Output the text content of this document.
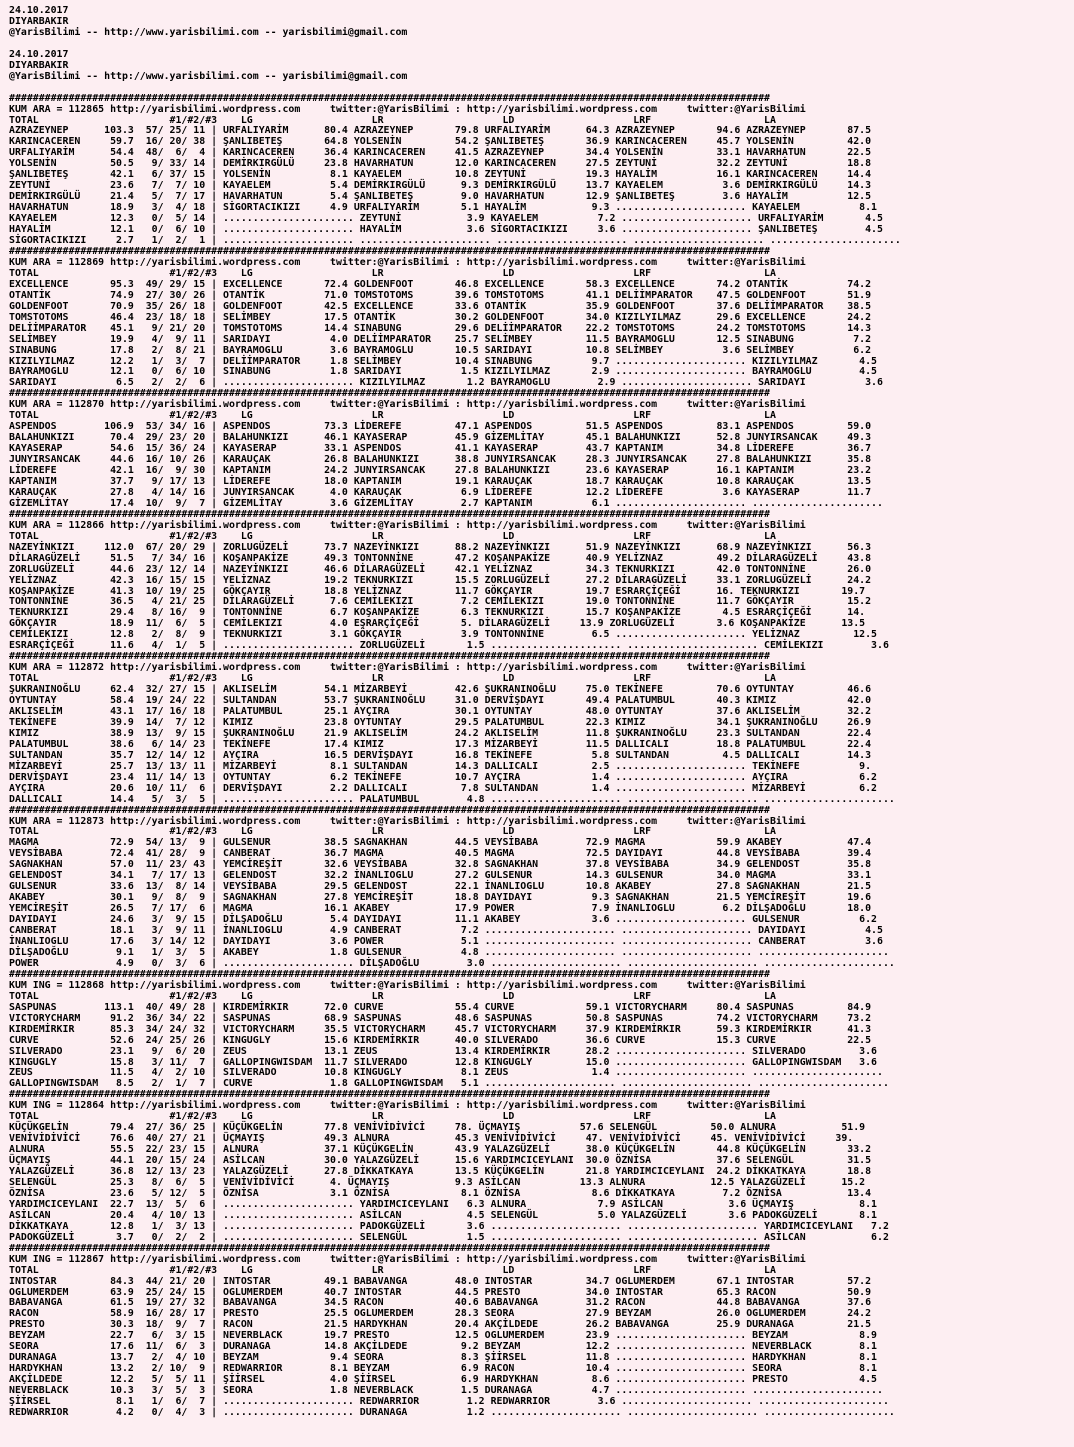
24.10.2017
DIYARBAKIR
@YarisBilimi -- http://www.yarisbilimi.com -- yarisbilimi@gmail.com

24.10.2017
DIYARBAKIR
@YarisBilimi -- http://www.yarisbilimi.com -- yarisbilimi@gmail.com

################################################################################################################################
KUM ARA = 112865 http://yarisbilimi.wordpress.com     twitter:@YarisBilimi : http://yarisbilimi.wordpress.com     twitter:@YarisBilimi
TOTAL                      #1/#2/#3    LG                    LR                    LD                    LRF                   LA
AZRAZEYNEP      103.3  57/ 25/ 11 | URFALIYARİM      80.4 AZRAZEYNEP       79.8 URFALIYARİM      64.3 AZRAZEYNEP       94.6 AZRAZEYNEP       87.5
KARINCACEREN     59.7  16/ 20/ 38 | ŞANLIBETEŞ       64.8 YOLSENİN         54.2 ŞANLIBETEŞ       36.9 KARINCACEREN     45.7 YOLSENİN         42.0
URFALIYARİM      54.4  48/  6/  4 | KARINCACEREN     36.4 KARINCACEREN     41.5 AZRAZEYNEP       34.4 YOLSENİN         33.1 HAVARHATUN       22.5
YOLSENİN         50.5   9/ 33/ 14 | DEMİRKIRGÜLÜ     23.8 HAVARHATUN       12.0 KARINCACEREN     27.5 ZEYTUNİ          32.2 ZEYTUNİ          18.8
ŞANLIBETEŞ       42.1   6/ 37/ 15 | YOLSENİN          8.1 KAYAELEM         10.8 ZEYTUNİ          19.3 HAYALİM          16.1 KARINCACEREN     14.4
ZEYTUNİ          23.6   7/  7/ 10 | KAYAELEM          5.4 DEMİRKIRGÜLÜ      9.3 DEMİRKIRGÜLÜ     13.7 KAYAELEM          3.6 DEMİRKIRGÜLÜ     14.3
DEMİRKIRGÜLÜ     21.4   5/  7/ 17 | HAVARHATUN        5.4 ŞANLIBETEŞ        9.0 HAVARHATUN       12.9 ŞANLIBETEŞ        3.6 HAYALİM          12.5
HAVARHATUN       18.9   3/  4/ 18 | SİGORTACIKIZI     4.9 URFALIYARİM       5.1 HAYALİM           9.3 ...................... KAYAELEM          8.1
KAYAELEM         12.3   0/  5/ 14 | ...................... ZEYTUNİ           3.9 KAYAELEM          7.2 ...................... URFALIYARİM       4.5
HAYALİM          12.1   0/  6/ 10 | ...................... HAYALİM           3.6 SİGORTACIKIZI     3.6 ...................... ŞANLIBETEŞ        4.5
SİGORTACIKIZI     2.7   1/  2/  1 | ...................... ...................... ...................... ...................... ......................
################################################################################################################################
KUM ARA = 112869 http://yarisbilimi.wordpress.com     twitter:@YarisBilimi : http://yarisbilimi.wordpress.com     twitter:@YarisBilimi
TOTAL                      #1/#2/#3    LG                    LR                    LD                    LRF                   LA
EXCELLENCE       95.3  49/ 29/ 15 | EXCELLENCE       72.4 GOLDENFOOT       46.8 EXCELLENCE       58.3 EXCELLENCE       74.2 OTANTİK          74.2
OTANTİK          74.9  27/ 30/ 26 | OTANTİK          71.0 TOMSTOTOMS       39.6 TOMSTOTOMS       41.1 DELİİMPARATOR    47.5 GOLDENFOOT       51.9
GOLDENFOOT       70.9  35/ 26/ 18 | GOLDENFOOT       42.5 EXCELLENCE       33.6 OTANTİK          35.9 GOLDENFOOT       37.6 DELİİMPARATOR    38.5
TOMSTOTOMS       46.4  23/ 18/ 18 | SELİMBEY         17.5 OTANTİK          30.2 GOLDENFOOT       34.0 KIZILYILMAZ      29.6 EXCELLENCE       24.2
DELİİMPARATOR    45.1   9/ 21/ 20 | TOMSTOTOMS       14.4 SINABUNG         29.6 DELİİMPARATOR    22.2 TOMSTOTOMS       24.2 TOMSTOTOMS       14.3
SELİMBEY         19.9   4/  9/ 11 | SARIDAYI          4.0 DELİİMPARATOR    25.7 SELİMBEY         11.5 BAYRAMOGLU       12.5 SINABUNG          7.2
SINABUNG         17.8   2/  8/ 21 | BAYRAMOGLU        3.6 BAYRAMOGLU       10.5 SARIDAYI         10.8 SELİMBEY          3.6 SELİMBEY          6.2
KIZILYILMAZ      12.2   1/  3/  7 | DELİİMPARATOR     1.8 SELİMBEY         10.4 SINABUNG          9.7 ...................... KIZILYILMAZ       4.5
BAYRAMOGLU       12.1   0/  6/ 10 | SINABUNG          1.8 SARIDAYI          1.5 KIZILYILMAZ       2.9 ...................... BAYRAMOGLU        4.5
SARIDAYI          6.5   2/  2/  6 | ...................... KIZILYILMAZ       1.2 BAYRAMOGLU        2.9 ...................... SARIDAYI          3.6
################################################################################################################################
KUM ARA = 112870 http://yarisbilimi.wordpress.com     twitter:@YarisBilimi : http://yarisbilimi.wordpress.com     twitter:@YarisBilimi
TOTAL                      #1/#2/#3    LG                    LR                    LD                    LRF                   LA
ASPENDOS        106.9  53/ 34/ 16 | ASPENDOS         73.3 LİDEREFE         47.1 ASPENDOS         51.5 ASPENDOS         83.1 ASPENDOS         59.0
BALAHUNKIZI      70.4  29/ 23/ 20 | BALAHUNKIZI      46.1 KAYASERAP        45.9 GİZEMLİTAY       45.1 BALAHUNKIZI      52.8 JUNYIRSANCAK     49.3
KAYASERAP        54.6  15/ 36/ 24 | KAYASERAP        33.1 ASPENDOS         41.1 KAYASERAP        43.7 KAPTANIM         34.8 LİDEREFE         36.7
JUNYIRSANCAK     44.6  16/ 10/ 26 | KARAUÇAK         26.8 BALAHUNKIZI      38.8 JUNYIRSANCAK     28.3 JUNYIRSANCAK     27.8 BALAHUNKIZI      35.8
LİDEREFE         42.1  16/  9/ 30 | KAPTANIM         24.2 JUNYIRSANCAK     27.8 BALAHUNKIZI      23.6 KAYASERAP        16.1 KAPTANIM         23.2
KAPTANIM         37.7   9/ 17/ 13 | LİDEREFE         18.0 KAPTANIM         19.1 KARAUÇAK         18.7 KARAUÇAK         10.8 KARAUÇAK         13.5
KARAUÇAK         27.8   4/ 14/ 16 | JUNYIRSANCAK      4.0 KARAUÇAK          6.9 LİDEREFE         12.2 LİDEREFE          3.6 KAYASERAP        11.7
GİZEMLİTAY       17.4  10/  9/  7 | GİZEMLİTAY        3.6 GİZEMLİTAY        2.7 KAPTANIM          6.1 ...................... ......................
################################################################################################################################
KUM ARA = 112866 http://yarisbilimi.wordpress.com     twitter:@YarisBilimi : http://yarisbilimi.wordpress.com     twitter:@YarisBilimi
TOTAL                      #1/#2/#3    LG                    LR                    LD                    LRF                   LA
NAZEYİNKIZI     112.0  67/ 20/ 29 | ZORLUGÜZELİ      73.7 NAZEYİNKIZI      88.2 NAZEYİNKIZI      51.9 NAZEYİNKIZI      68.9 NAZEYİNKIZI      56.3
DİLARAGÜZELİ     51.5   7/ 34/ 16 | KOŞANPAKİZE      49.3 TONTONNİNE       47.2 KOŞANPAKİZE      40.9 YELİZNAZ         49.2 DİLARAGÜZELİ     43.8
ZORLUGÜZELİ      44.6  23/ 12/ 14 | NAZEYİNKIZI      46.6 DİLARAGÜZELİ     42.1 YELİZNAZ         34.3 TEKNURKIZI       42.0 TONTONNİNE       26.0
YELİZNAZ         42.3  16/ 15/ 15 | YELİZNAZ         19.2 TEKNURKIZI       15.5 ZORLUGÜZELİ      27.2 DİLARAGÜZELİ     33.1 ZORLUGÜZELİ      24.2
KOŞANPAKİZE      41.3  10/ 19/ 25 | GÖKÇAYIR         18.8 YELİZNAZ         11.7 GÖKÇAYIR         19.7 ESRARÇİÇEĞİ      16. TEKNURKIZI       19.7
TONTONNİNE       36.5   4/ 21/ 25 | DİLARAGÜZELİ      7.6 CEMİLEKIZI        7.2 CEMİLEKIZI       19.0 TONTONNİNE       11.7 GÖKÇAYIR         15.2
TEKNURKIZI       29.4   8/ 16/  9 | TONTONNİNE        6.7 KOŞANPAKİZE       6.3 TEKNURKIZI       15.7 KOŞANPAKİZE       4.5 ESRARÇİÇEĞİ      14.
GÖKÇAYIR         18.9  11/  6/  5 | CEMİLEKIZI        4.0 EŞRARÇİÇEĞİ       5. DİLARAGÜZELİ     13.9 ZORLUGÜZELİ       3.6 KOŞANPAKİZE      13.5
CEMİLEKIZI       12.8   2/  8/  9 | TEKNURKIZI        3.1 GÖKÇAYIR          3.9 TONTONNİNE        6.5 ...................... YELİZNAZ         12.5
ESRARÇİÇEĞİ      11.6   4/  1/  5 | ...................... ZORLUGÜZELİ       1.5 ...................... ...................... CEMİLEKIZI        3.6
################################################################################################################################
KUM ARA = 112872 http://yarisbilimi.wordpress.com     twitter:@YarisBilimi : http://yarisbilimi.wordpress.com     twitter:@YarisBilimi
TOTAL                      #1/#2/#3    LG                    LR                    LD                    LRF                   LA
ŞUKRANINOĞLU     62.4  32/ 27/ 15 | AKLISELİM        54.1 MİZARBEYİ        42.6 ŞUKRANINOĞLU     75.0 TEKİNEFE         70.6 OYTUNTAY         46.6
OYTUNTAY         58.4  19/ 24/ 22 | SULTANDAN        53.7 ŞUKRANINOĞLU     31.0 DERVİŞDAYI       49.4 PALATUMBUL       40.3 KIMIZ            42.0
AKLISELİM        43.1  17/ 16/ 18 | PALATUMBUL       25.1 AYÇIRA           30.1 OYTUNTAY         48.0 OYTUNTAY         37.6 AKLISELİM        32.2
TEKİNEFE         39.9  14/  7/ 12 | KIMIZ            23.8 OYTUNTAY         29.5 PALATUMBUL       22.3 KIMIZ            34.1 ŞUKRANINOĞLU     26.9
KIMIZ            38.9  13/  9/ 15 | ŞUKRANINOĞLU     21.9 AKLISELİM        24.2 AKLISELİM        11.8 ŞUKRANINOĞLU     23.3 SULTANDAN        22.4
PALATUMBUL       38.6   6/ 14/ 23 | TEKİNEFE         17.4 KIMIZ            17.3 MİZARBEYİ        11.5 DALLICALI        18.8 PALATUMBUL       22.4
SULTANDAN        35.7  12/ 14/ 12 | AYÇIRA           16.5 DERVİŞDAYI       16.8 TEKİNEFE          5.8 SULTANDAN         4.5 DALLICALI        14.3
MİZARBEYİ        25.7  13/ 13/ 11 | MİZARBEYİ         8.1 SULTANDAN        14.3 DALLICALI         2.5 ...................... TEKİNEFE          9.
DERVİŞDAYI       23.4  11/ 14/ 13 | OYTUNTAY          6.2 TEKİNEFE         10.7 AYÇIRA            1.4 ...................... AYÇIRA            6.2
AYÇIRA           20.6  10/ 11/  6 | DERVİŞDAYI        2.2 DALLICALI         7.8 SULTANDAN         1.4 ...................... MİZARBEYİ         6.2
DALLICALI        14.4   5/  3/  5 | ...................... PALATUMBUL        4.8 ...................... ...................... ......................
################################################################################################################################
KUM ARA = 112873 http://yarisbilimi.wordpress.com     twitter:@YarisBilimi : http://yarisbilimi.wordpress.com     twitter:@YarisBilimi
TOTAL                      #1/#2/#3    LG                    LR                    LD                    LRF                   LA
MAGMA            72.9  54/ 13/  9 | GULSENUR         38.5 SAGNAKHAN        44.5 VEYSİBABA        72.9 MAGMA            59.9 AKABEY           47.4
VEYSİBABA        72.4  41/ 28/  9 | CANBERAT         36.7 MAGMA            40.5 MAGMA            72.5 DAYIDAYI         44.8 VEYSİBABA        39.4
SAGNAKHAN        57.0  11/ 23/ 43 | YEMCİREŞİT       32.6 VEYSİBABA        32.8 SAGNAKHAN        37.8 VEYSİBABA        34.9 GELENDOST        35.8
GELENDOST        34.1   7/ 17/ 13 | GELENDOST        32.2 İNANLIOGLU       27.2 GULSENUR         14.3 GULSENUR         34.0 MAGMA            33.1
GULSENUR         33.6  13/  8/ 14 | VEYSİBABA        29.5 GELENDOST        22.1 İNANLIOGLU       10.8 AKABEY           27.8 SAGNAKHAN        21.5
AKABEY           30.1   9/  8/  9 | SAGNAKHAN        27.8 YEMCİREŞİT       18.8 DAYIDAYI          9.3 SAGNAKHAN        21.5 YEMCİREŞİT       19.6
YEMCİREŞİT       26.5   7/ 17/  6 | MAGMA            16.1 AKABEY           17.9 POWER             7.9 İNANLIOGLU        6.2 DİLŞADOĞLU       18.0
DAYIDAYI         24.6   3/  9/ 15 | DİLŞADOĞLU        5.4 DAYIDAYI         11.1 AKABEY            3.6 ...................... GULSENUR          6.2
CANBERAT         18.1   3/  9/ 11 | İNANLIOGLU        4.9 CANBERAT          7.2 ...................... ...................... DAYIDAYI          4.5
İNANLIOGLU       17.6   3/ 14/ 12 | DAYIDAYI          3.6 POWER             5.1 ...................... ...................... CANBERAT          3.6
DİLŞADOĞLU        9.1   1/  3/  5 | AKABEY            1.8 GULSENUR          4.8 ...................... ...................... ......................
POWER             4.9   0/  3/  6 | ...................... DİLŞADOĞLU        3.0 ...................... ...................... ......................
################################################################################################################################
KUM ING = 112868 http://yarisbilimi.wordpress.com     twitter:@YarisBilimi : http://yarisbilimi.wordpress.com     twitter:@YarisBilimi
TOTAL                      #1/#2/#3    LG                    LR                    LD                    LRF                   LA
SASPUNAS        113.1  40/ 49/ 28 | KIRDEMİRKIR      72.0 CURVE            55.4 CURVE            59.1 VICTORYCHARM     80.4 SASPUNAS         84.9
VICTORYCHARM     91.2  36/ 34/ 22 | SASPUNAS         68.9 SASPUNAS         48.6 SASPUNAS         50.8 SASPUNAS         74.2 VICTORYCHARM     73.2
KIRDEMİRKIR      85.3  34/ 24/ 32 | VICTORYCHARM     35.5 VICTORYCHARM     45.7 VICTORYCHARM     37.9 KIRDEMİRKIR      59.3 KIRDEMİRKIR      41.3
CURVE            52.6  24/ 25/ 26 | KINGUGLY         15.6 KIRDEMİRKIR      40.0 SILVERADO        36.6 CURVE            15.3 CURVE            22.5
SILVERADO        23.1   9/  6/ 20 | ZEUS             13.1 ZEUS             13.4 KIRDEMİRKIR      28.2 ...................... SILVERADO         3.6
KINGUGLY         15.8   3/ 11/  7 | GALLOPINGWISDAM  11.7 SILVERADO        12.8 KINGUGLY         15.0 ...................... GALLOPINGWISDAM   3.6
ZEUS             11.5   4/  2/ 10 | SILVERADO        10.8 KINGUGLY          8.1 ZEUS              1.4 ...................... ......................
GALLOPINGWISDAM   8.5   2/  1/  7 | CURVE             1.8 GALLOPINGWISDAM   5.1 ...................... ...................... ......................
################################################################################################################################
KUM ING = 112864 http://yarisbilimi.wordpress.com     twitter:@YarisBilimi : http://yarisbilimi.wordpress.com     twitter:@YarisBilimi
TOTAL                      #1/#2/#3    LG                    LR                    LD                    LRF                   LA
KÜÇÜKGELİN       79.4  27/ 36/ 25 | KÜÇÜKGELİN       77.8 VENİVİDİVİCİ     78. ÜÇMAYIŞ          57.6 SELENGÜL         50.0 ALNURA           51.9
VENİVİDİVİCİ     76.6  40/ 27/ 21 | ÜÇMAYIŞ          49.3 ALNURA           45.3 VENİVİDİVİCİ     47. VENİVİDİVİCİ     45. VENİVİDİVİCİ     39.
ALNURA           55.5  22/ 23/ 15 | ALNURA           37.1 KÜÇÜKGELİN       43.9 YALAZGÜZELİ      38.0 KÜÇÜKGELİN       44.8 KÜÇÜKGELİN       33.2
ÜÇMAYIŞ          44.1  20/ 15/ 24 | ASİLCAN          30.0 YALAZGÜZELİ      15.6 YARDIMCICEYLANI  30.0 ÖZNİSA           37.6 SELENGÜL         31.5
YALAZGÜZELİ      36.8  12/ 13/ 23 | YALAZGÜZELİ      27.8 DİKKATKAYA       13.5 KÜÇÜKGELİN       21.8 YARDIMCICEYLANI  24.2 DİKKATKAYA       18.8
SELENGÜL         25.3   8/  6/  5 | VENİVİDİVİCİ      4. ÜÇMAYIŞ           9.3 ASİLCAN          13.3 ALNURA           12.5 YALAZGÜZELİ      15.2
ÖZNİSA           23.6   5/ 12/  5 | ÖZNİSA            3.1 ÖZNİSA            8.1 ÖZNİSA            8.6 DİKKATKAYA        7.2 ÖZNİSA           13.4
YARDIMCICEYLANI  22.7  13/  5/  6 | ...................... YARDIMCICEYLANI   6.3 ALNURA            7.9 ASİLCAN           3.6 ÜÇMAYIŞ           8.1
ASİLCAN          20.4   4/ 10/ 13 | ...................... ASİLCAN           4.5 SELENGÜL          5.0 YALAZGÜZELİ       3.6 PADOKGÜZELİ       8.1
DİKKATKAYA       12.8   1/  3/ 13 | ...................... PADOKGÜZELİ       3.6 ...................... ...................... YARDIMCICEYLANI   7.2
PADOKGÜZELİ       3.7   0/  2/  2 | ...................... SELENGÜL          1.5 ...................... ...................... ASİLCAN           6.2
################################################################################################################################
KUM ING = 112867 http://yarisbilimi.wordpress.com     twitter:@YarisBilimi : http://yarisbilimi.wordpress.com     twitter:@YarisBilimi
TOTAL                      #1/#2/#3    LG                    LR                    LD                    LRF                   LA
INTOSTAR         84.3  44/ 21/ 20 | INTOSTAR         49.1 BABAVANGA        48.0 INTOSTAR         34.7 OGLUMERDEM       67.1 INTOSTAR         57.2
OGLUMERDEM       63.9  25/ 24/ 15 | OGLUMERDEM       40.7 INTOSTAR         44.5 PRESTO           34.0 INTOSTAR         65.3 RACON            50.9
BABAVANGA        61.5  19/ 27/ 32 | BABAVANGA        34.5 RACON            40.6 BABAVANGA        31.2 RACON            44.8 BABAVANGA        37.6
RACON            58.9  16/ 28/ 17 | PRESTO           25.5 OGLUMERDEM       28.3 SEORA            27.9 BEYZAM           26.0 OGLUMERDEM       24.2
PRESTO           30.3  18/  9/  7 | RACON            21.5 HARDYKHAN        20.4 AKÇİLDEDE        26.2 BABAVANGA        25.9 DURANAGA         21.5
BEYZAM           22.7   6/  3/ 15 | NEVERBLACK       19.7 PRESTO           12.5 OGLUMERDEM       23.9 ...................... BEYZAM            8.9
SEORA            17.6  11/  6/  3 | DURANAGA         14.8 AKÇİLDEDE         9.2 BEYZAM           12.2 ...................... NEVERBLACK        8.1
DURANAGA         13.7   2/  4/ 10 | BEYZAM            9.4 SEORA             8.3 ŞİİRSEL          11.8 ...................... HARDYKHAN         8.1
HARDYKHAN        13.2   2/ 10/  9 | REDWARRIOR        8.1 BEYZAM            6.9 RACON            10.4 ...................... SEORA             8.1
AKÇİLDEDE        12.2   5/  5/ 11 | ŞİİRSEL           4.0 ŞİİRSEL           6.9 HARDYKHAN         8.6 ...................... PRESTO            4.5
NEVERBLACK       10.3   3/  5/  3 | SEORA             1.8 NEVERBLACK        1.5 DURANAGA          4.7 ...................... ......................
ŞİİRSEL           8.1   1/  6/  7 | ...................... REDWARRIOR        1.2 REDWARRIOR        3.6 ...................... ......................
REDWARRIOR        4.2   0/  4/  3 | ...................... DURANAGA          1.2 ...................... ...................... ......................
